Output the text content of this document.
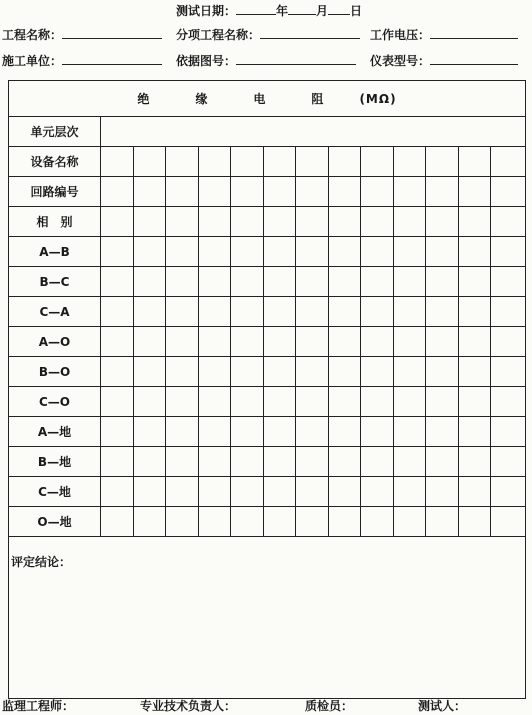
测试日期：	年 月 日
工程名称：	分项工程名称：	工作电压：
施工单位：	依据图号：	仪表型号：
绝缘电阻
(MΩ)
单元层次
设备名称
回路编号
相　别
A—B
B—C
C—A
A—O
B—O
C—O
A—地
B—地
C—地
O—地
评定结论：
监理工程师：	专业技术负责人：	质检员：	测试人：
